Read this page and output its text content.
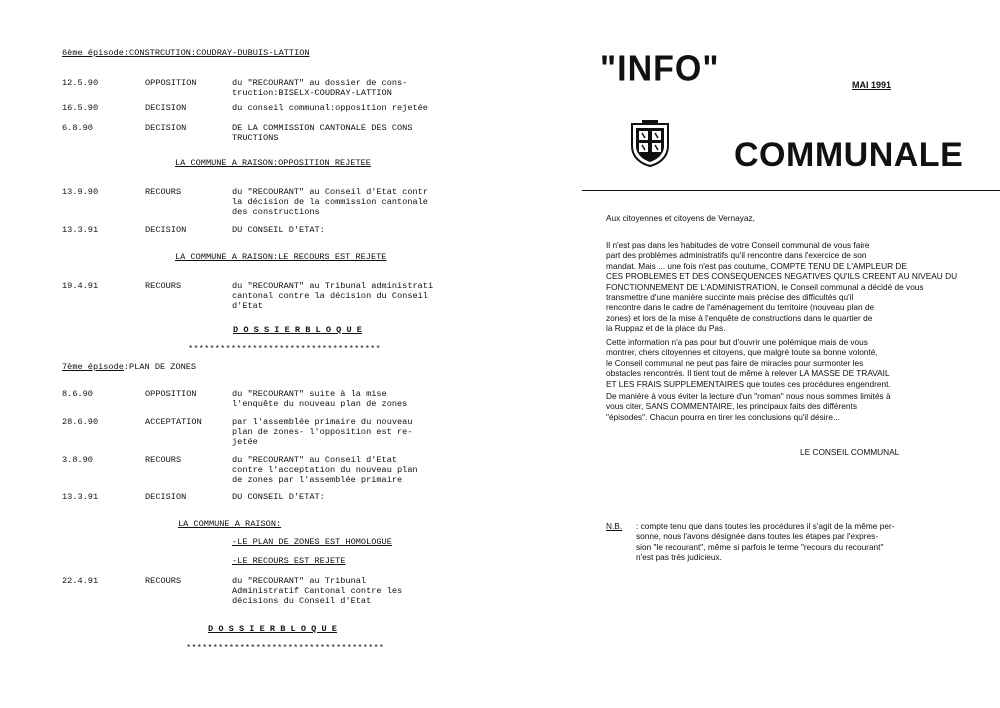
6ème épisode:CONSTRCUTION:COUDRAY-DUBUIS-LATTION
12.5.90	OPPOSITION	du "RECOURANT" au dossier de cons-
truction:BISELX-COUDRAY-LATTION
16.5.90	DECISION	du conseil communal:opposition rejetée
6.8.90	DECISION	DE LA COMMISSION CANTONALE DES CONS
TRUCTIONS
LA COMMUNE A RAISON:OPPOSITION REJETEE
13.9.90	RECOURS	du "RECOURANT" au Conseil d'Etat contr
la décision de la commission cantonale
des constructions
13.3.91	DECISION	DU CONSEIL D'ETAT:
LA COMMUNE A RAISON:LE RECOURS EST REJETE
19.4.91	RECOURS	du "RECOURANT" au Tribunal administrati
cantonal contre la décision du Conseil
d'Etat
D O S S I E R B L O Q U E
************************************
7ème épisode:PLAN DE ZONES
8.6.90	OPPOSITION	du "RECOURANT" suite à la mise
l'enquête du nouveau plan de zones
28.6.90	ACCEPTATION	par l'assemblée primaire du nouveau
plan de zones- l'opposition est re-
jetée
3.8.90	RECOURS	du "RECOURANT" au Conseil d'Etat
contre l'acceptation du nouveau plan
de zones par l'assemblée primaire
13.3.91	DECISION	DU CONSEIL D'ETAT:
LA COMMUNE A RAISON:
-LE PLAN DE ZONES EST HOMOLOGUE
-LE RECOURS EST REJETE
22.4.91	RECOURS	du "RECOURANT" au Tribunal
Administratif Cantonal contre les
décisions du Conseil d'Etat
D O S S I E R B L O Q U E
*************************************
"INFO"	MAI 1991
COMMUNALE
Aux citoyennes et citoyens de Vernayaz,
Il n'est pas dans les habitudes de votre Conseil communal de vous faire
part des problèmes administratifs qu'il rencontre dans l'exercice de son
mandat. Mais ... une fois n'est pas coutume, COMPTE TENU DE L'AMPLEUR DE
CES PROBLEMES ET DES CONSEQUENCES NEGATIVES QU'ILS CREENT AU NIVEAU DU
FONCTIONNEMENT DE L'ADMINISTRATION, le Conseil communal a décidé de vous
transmettre d'une manière succinte mais précise des difficultés qu'il
rencontre dans le cadre de l'aménagement du territoire (nouveau plan de
zones) et lors de la mise à l'enquête de constructions dans le quartier de
la Ruppaz et de la place du Pas.
Cette information n'a pas pour but d'ouvrir une polémique mais de vous
montrer, chers citoyennes et citoyens, que malgré toute sa bonne volonté,
le Conseil communal ne peut pas faire de miracles pour surmonter les
obstacles rencontrés. Il tient tout de même à relever LA MASSE DE TRAVAIL
ET LES FRAIS SUPPLEMENTAIRES que toutes ces procédures engendrent.
De manière à vous éviter la lecture d'un "roman" nous nous sommes limités à
vous citer, SANS COMMENTAIRE, les principaux faits des différents
"épisodes". Chacun pourra en tirer les conclusions qu'il désire...
LE CONSEIL COMMUNAL
N.B. : compte tenu que dans toutes les procédures il s'agit de la même per-
sonne, nous l'avons désignée dans toutes les étapes par l'expres-
sion "le recourant", même si parfois le terme "recours du recourant"
n'est pas très judicieux.
